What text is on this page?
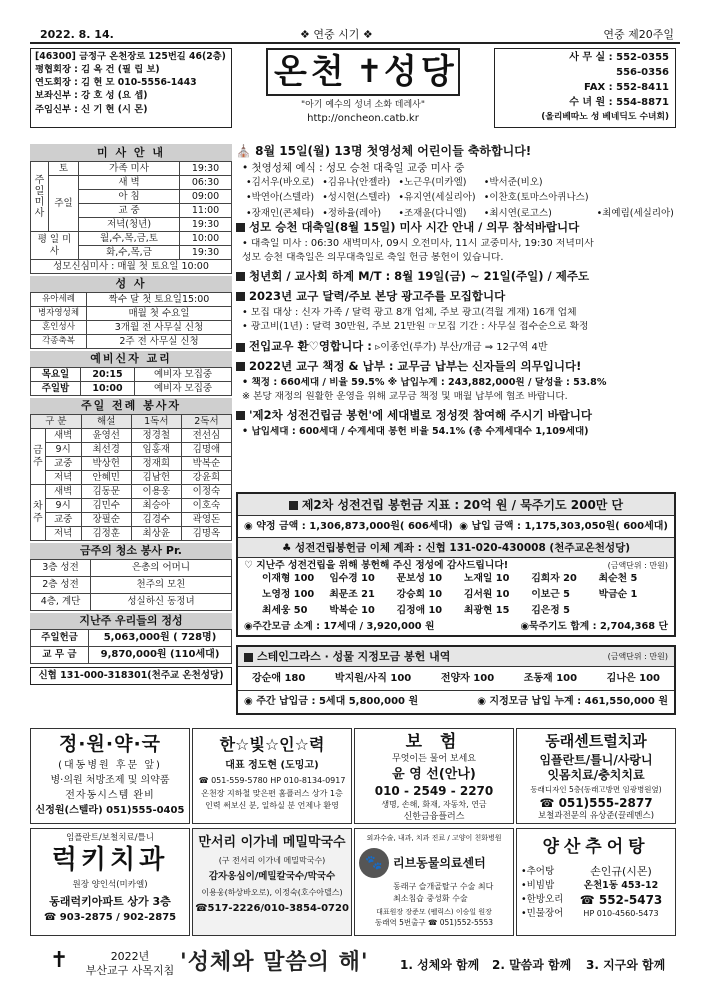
2022. 8. 14.	❖ 연중 시기 ❖	연중 제20주일
[46300] 금정구 온천장로 125번길 46(2층)
평협회장 : 김 옥 건 (필 립 보)
연도회장 : 김 현 모 010-5556-1443
보좌신부 : 강 호 성 (요 셉)
주임신부 : 신 기 현 (시 몬)
온천 ✝ 성당
"아기 예수의 성녀 소화 데레사"
http://oncheon.catb.kr
사 무 실 : 552-0355
556-0356
FAX : 552-8411
수 녀 원 : 554-8871
(올리베따노 성 베네딕도 수녀회)
미 사 안 내
주일미사	토	가족 미사	19:30
	주일	새 벽	06:30
		아 침	09:00
		교 중	11:00
		저녁(청년)	19:30
평 일 미 사		월,수,목,금,토	10:00
		화,수,목,금	19:30
성모신심미사 : 매월 첫 토요일 10:00			
성 사
유아세례	짝수 달 첫 토요일15:00
병자영성체	매월 첫 수요일
혼인성사	3개월 전 사무실 신청
각종축복	2주 전 사무실 신청
예비신자 교리
목요일	20:15	예비자 모집중
주일밤	10:00	예비자 모집중
주일 전례 봉사자
구 분		해설	1독서	2독서
금주	새벽	윤영선	정경철	전선심
	9시	최선경	임홍재	김명애
	교중	박상헌	정재희	박복순
	저녁	안혜민	김남헌	강윤희
차주	새벽	김동문	이용웅	이정숙
	9시	김민수	최승아	이호숙
	교중	장필순	김경수	곽영돈
	저녁	김정훈	최상윤	김명옥
금주의 청소 봉사 Pr.
3층 성전	은총의 어머니
2층 성전	천주의 모친
4층, 계단	성실하신 동정녀
지난주 우리들의 정성
주일헌금	5,063,000원 ( 728명)
교 무 금	9,870,000원 (110세대)
신협 131-000-318301(천주교 온천성당)
⛪ 8월 15일(월) 13명 첫영성체 어린이들 축하합니다!
• 첫영성체 예식 : 성모 승천 대축일 교중 미사 중
•김서우(바오로) •김유나(안젤라) •노근우(미카엘)	•박서준(비오)
•박연아(스텔라) •성시현(스텔라) •유지연(세실리아) •이찬호(토마스아퀴나스)
•장재인(콘체타) •정하율(레아)	•조재윤(다니엘)	•최시연(로고스)	•최예림(세실리아)
성모 승천 대축일(8월 15일) 미사 시간 안내 / 의무 참석바랍니다
• 대축일 미사 : 06:30 새벽미사, 09시 오전미사, 11시 교중미사, 19:30 저녁미사
성모 승천 대축일은 의무대축일로 축일 헌금 봉헌이 있습니다.
청년회 / 교사회 하계 M/T : 8월 19일(금) ~ 21일(주일) / 제주도
2023년 교구 달력/주보 본당 광고주를 모집합니다
• 모집 대상 : 신자 가족 / 달력 광고 8개 업체, 주보 광고(격월 게재) 16개 업체
• 광고비(1년) : 달력 30만원, 주보 21만원 ☞모집 기간 : 사무실 접수순으로 확정
전입교우 환♡영합니다 : ▹이종언(루가) 부산/개금 ⇒ 12구역 4반
2022년 교구 책정 & 납부 : 교무금 납부는 신자들의 의무입니다!
• 책정 : 660세대 / 비율 59.5% ※ 납입누계 : 243,882,000원 / 달성율 : 53.8%
※ 본당 재정의 원활한 운영을 위해 교무금 책정 및 매월 납부에 협조 바랍니다.
'제2차 성전건립금 봉헌'에 세대별로 정성껏 참여해 주시기 바랍니다
• 납입세대 : 600세대 / 수계세대 봉헌 비율 54.1% (총 수계세대수 1,109세대)
제2차 성전건립 봉헌금 지표 : 20억 원 / 묵주기도 200만 단
◉ 약정 금액 : 1,306,873,000원( 606세대) ◉ 납입 금액 : 1,175,303,050원( 600세대)
♣ 성전건립봉헌금 이체 계좌 : 신협 131-020-430008 (천주교온천성당)
♡ 지난주 성전건립을 위해 봉헌해 주신 정성에 감사드립니다!	(금액단위 : 만원)
이재형 100	임수경 10	문보성 10	노재일 10	김희자 20	최순천 5
노영정 100	최문조 21	강승희 10	김서원 10	이보근 5	박금순 1
최세웅 50	박복순 10	김정애 10	최광현 15	김은정 5
◉주간모금 소계 : 17세대 / 3,920,000 원	◉묵주기도 합계 : 2,704,368 단
스테인그라스 · 성물 지정모금 봉헌 내역	(금액단위 : 만원)
강순애 180	박지원/사직 100	전양자 100	조동재 100	김나은 100
◉ 주간 납입금 : 5세대 5,800,000 원	◉ 지정모금 납입 누계 : 461,550,000 원
정·원·약·국
(대동병원 후문 앞)
병·의원 처방조제 및 의약품
전자동시스템 완비
신정원(스텔라) 051)555-0405
한☆빛☆인☆력
대표 정도현 (도밍고)
☎ 051-559-5780 HP 010-8134-0917
온천장 지하철 맞은편 홈플러스 상가 1층
인력 써보신 분, 일하실 분 언제나 환영
보 험
무엇이든 물어 보세요
윤 영 선(안나)
010 - 2549 - 2270
생명, 손해, 화재, 자동차, 연금
신한금융플러스
동래센트럴치과
임플란트/틀니/사랑니
잇몸치료/충치치료
동래디자인 5층(동래고방면 임광병원옆)
☎ 051)555-2877
보철과전문의 유상준(끌레멘스)
임플란트/보철치료/틀니
럭키치과
원장 양인석(미카엘)
동래럭키아파트 상가 3층
☎ 903-2875 / 902-2875
만서리 이가네 메밀막국수
(구 전서리 이가네 메밀막국수)
감자옹심이/메밀칼국수/막국수
이용웅(하상바오로), 이정숙(호수아델스)
☎517-2226/010-3854-0720
외과수술, 내과, 치과 진료 / 고양이 친화병원
🐾 리브동물의료센터
동래구 슬개골탈구 수술 최다
최소침습 중성화 수술
대표원장 장준모 (펠릭스) 이승일 원장
동래역 5번출구 ☎ 051)552-5553
양산추어탕
•추어탕
•비빔밥
•한방오리
•민물장어
손인규(시몬)
온천1동 453-12
☎ 552-5473
HP 010-4560-5473
✝	2022년
부산교구 사목지침 '성체와 말씀의 해'	1. 성체와 함께 2. 말씀과 함께 3. 지구와 함께
